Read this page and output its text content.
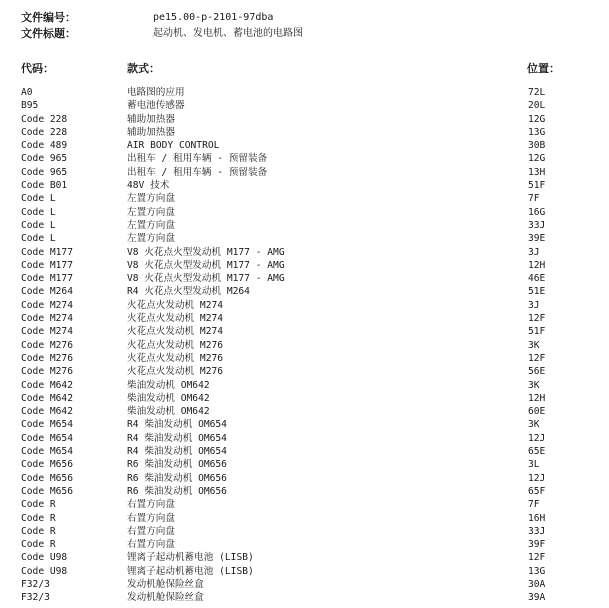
文件编号：	pe15.00-p-2101-97dba
文件标题：	起动机、发电机、蓄电池的电路图
代码：	款式：	位置：
A0	电路图的应用	72L
B95	蓄电池传感器	20L
Code 228	辅助加热器	12G
Code 228	辅助加热器	13G
Code 489	AIR BODY CONTROL	30B
Code 965	出租车 / 租用车辆 - 预留装备	12G
Code 965	出租车 / 租用车辆 - 预留装备	13H
Code B01	48V 技术	51F
Code L	左置方向盘	7F
Code L	左置方向盘	16G
Code L	左置方向盘	33J
Code L	左置方向盘	39E
Code M177	V8 火花点火型发动机 M177 - AMG	3J
Code M177	V8 火花点火型发动机 M177 - AMG	12H
Code M177	V8 火花点火型发动机 M177 - AMG	46E
Code M264	R4 火花点火型发动机 M264	51E
Code M274	火花点火发动机 M274	3J
Code M274	火花点火发动机 M274	12F
Code M274	火花点火发动机 M274	51F
Code M276	火花点火发动机 M276	3K
Code M276	火花点火发动机 M276	12F
Code M276	火花点火发动机 M276	56E
Code M642	柴油发动机 OM642	3K
Code M642	柴油发动机 OM642	12H
Code M642	柴油发动机 OM642	60E
Code M654	R4 柴油发动机 OM654	3K
Code M654	R4 柴油发动机 OM654	12J
Code M654	R4 柴油发动机 OM654	65E
Code M656	R6 柴油发动机 OM656	3L
Code M656	R6 柴油发动机 OM656	12J
Code M656	R6 柴油发动机 OM656	65F
Code R	右置方向盘	7F
Code R	右置方向盘	16H
Code R	右置方向盘	33J
Code R	右置方向盘	39F
Code U98	锂离子起动机蓄电池 (LISB)	12F
Code U98	锂离子起动机蓄电池 (LISB)	13G
F32/3	发动机舱保险丝盒	30A
F32/3	发动机舱保险丝盒	39A
